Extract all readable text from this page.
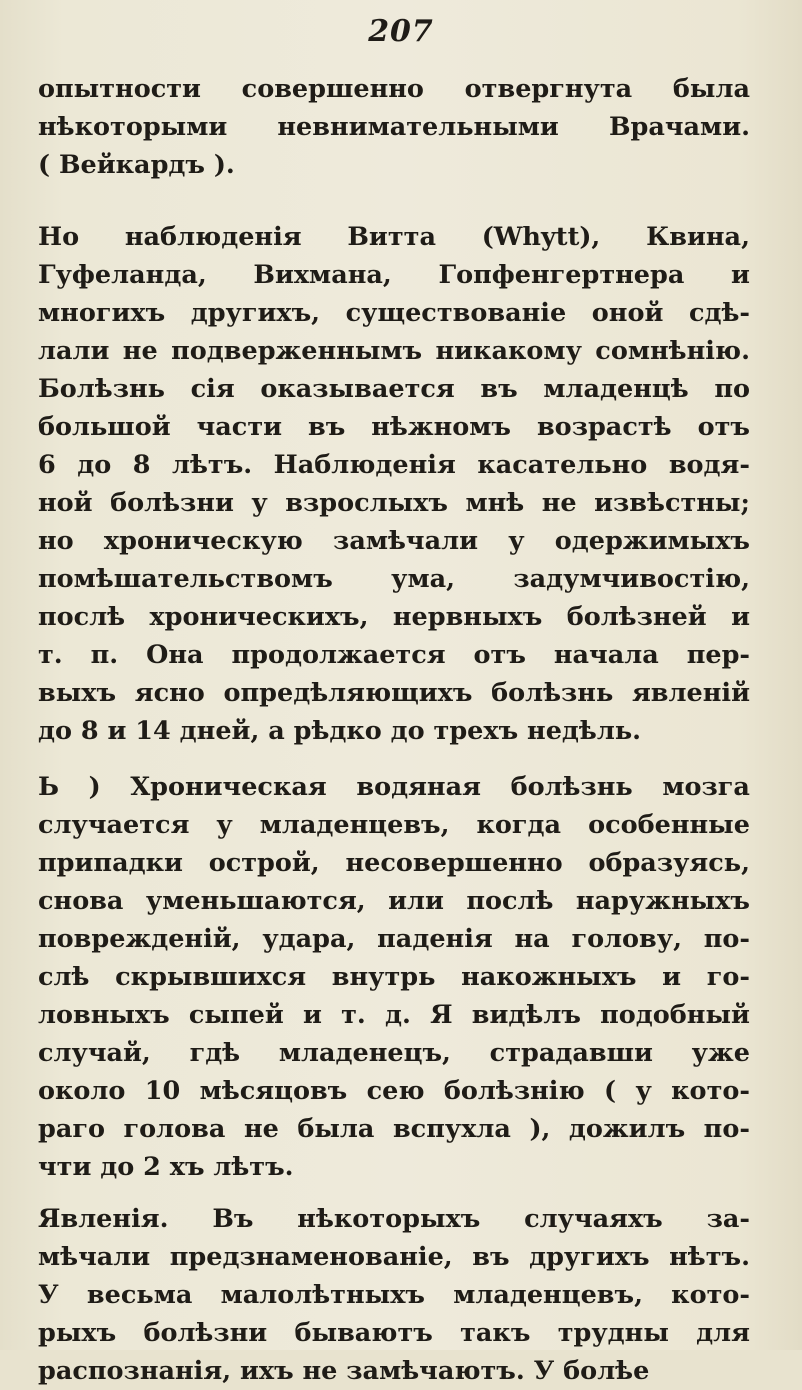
207
опытности совершенно отвергнута была
нѣкоторыми невнимательными Врачами.
( Вейкардъ ).
Но наблюденія Витта (Whytt), Квина,
Гуфеланда, Вихмана, Гопфенгертнера и
многихъ другихъ, существованіе оной сдѣ-
лали не подверженнымъ никакому сомнѣнію.
Болѣзнь сія оказывается въ младенцѣ по
большой части въ нѣжномъ возрастѣ отъ
6 до 8 лѣтъ. Наблюденія касательно водя-
ной болѣзни у взрослыхъ мнѣ не извѣстны;
но хроническую замѣчали у одержимыхъ
помѣшательствомъ ума, задумчивостію,
послѣ хроническихъ, нервныхъ болѣзней и
т. п. Она продолжается отъ начала пер-
выхъ ясно опредѣляющихъ болѣзнь явленій
до 8 и 14 дней, а рѣдко до трехъ недѣль.
Ь ) Хроническая водяная болѣзнь мозга
случается у младенцевъ, когда особенные
припадки острой, несовершенно образуясь,
снова уменьшаются, или послѣ наружныхъ
поврежденій, удара, паденія на голову, по-
слѣ скрывшихся внутрь накожныхъ и го-
ловныхъ сыпей и т. д. Я видѣлъ подобный
случай, гдѣ младенецъ, страдавши уже
около 10 мѣсяцовъ сею болѣзнію ( у кото-
раго голова не была вспухла ), дожилъ по-
чти до 2 хъ лѣтъ.
Явленія. Въ нѣкоторыхъ случаяхъ за-
мѣчали предзнаменованіе, въ другихъ нѣтъ.
У весьма малолѣтныхъ младенцевъ, кото-
рыхъ болѣзни бываютъ такъ трудны для
распознанія, ихъ не замѣчаютъ. У болѣе
